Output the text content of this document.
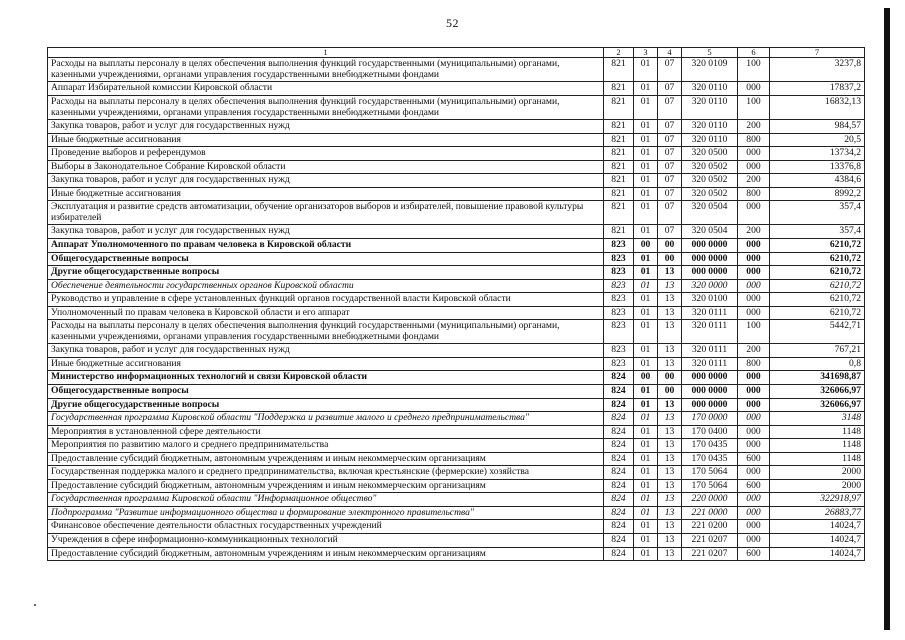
52
1	2	3	4	5	6	7
Расходы на выплаты персоналу в целях обеспечения выполнения функций государственными (муниципальными) органами, казенными учреждениями, органами управления государственными внебюджетными фондами	821	01	07	320 0109	100	3237,8
Аппарат Избирательной комиссии Кировской области	821	01	07	320 0110	000	17837,2
Расходы на выплаты персоналу в целях обеспечения выполнения функций государственными (муниципальными) органами, казенными учреждениями, органами управления государственными внебюджетными фондами	821	01	07	320 0110	100	16832,13
Закупка товаров, работ и услуг для государственных нужд	821	01	07	320 0110	200	984,57
Иные бюджетные ассигнования	821	01	07	320 0110	800	20,5
Проведение выборов и референдумов	821	01	07	320 0500	000	13734,2
Выборы в Законодательное Собрание Кировской области	821	01	07	320 0502	000	13376,8
Закупка товаров, работ и услуг для государственных нужд	821	01	07	320 0502	200	4384,6
Иные бюджетные ассигнования	821	01	07	320 0502	800	8992,2
Эксплуатация и развитие средств автоматизации, обучение организаторов выборов и избирателей, повышение правовой культуры избирателей	821	01	07	320 0504	000	357,4
Закупка товаров, работ и услуг для государственных нужд	821	01	07	320 0504	200	357,4
Аппарат Уполномоченного по правам человека в Кировской области	823	00	00	000 0000	000	6210,72
Общегосударственные вопросы	823	01	00	000 0000	000	6210,72
Другие общегосударственные вопросы	823	01	13	000 0000	000	6210,72
Обеспечение деятельности государственных органов Кировской области	823	01	13	320 0000	000	6210,72
Руководство и управление в сфере установленных функций органов государственной власти Кировской области	823	01	13	320 0100	000	6210,72
Уполномоченный по правам человека в Кировской области и его аппарат	823	01	13	320 0111	000	6210,72
Расходы на выплаты персоналу в целях обеспечения выполнения функций государственными (муниципальными) органами, казенными учреждениями, органами управления государственными внебюджетными фондами	823	01	13	320 0111	100	5442,71
Закупка товаров, работ и услуг для государственных нужд	823	01	13	320 0111	200	767,21
Иные бюджетные ассигнования	823	01	13	320 0111	800	0,8
Министерство информационных технологий и связи Кировской области	824	00	00	000 0000	000	341698,87
Общегосударственные вопросы	824	01	00	000 0000	000	326066,97
Другие общегосударственные вопросы	824	01	13	000 0000	000	326066,97
Государственная программа Кировской области "Поддержка и развитие малого и среднего предпринимательства"	824	01	13	170 0000	000	3148
Мероприятия в установленной сфере деятельности	824	01	13	170 0400	000	1148
Мероприятия по развитию малого и среднего предпринимательства	824	01	13	170 0435	000	1148
Предоставление субсидий бюджетным, автономным учреждениям и иным некоммерческим организациям	824	01	13	170 0435	600	1148
Государственная поддержка малого и среднего предпринимательства, включая крестьянские (фермерские) хозяйства	824	01	13	170 5064	000	2000
Предоставление субсидий бюджетным, автономным учреждениям и иным некоммерческим организациям	824	01	13	170 5064	600	2000
Государственная программа Кировской области "Информационное общество"	824	01	13	220 0000	000	322918,97
Подпрограмма "Развитие информационного общества и формирование электронного правительства"	824	01	13	221 0000	000	26883,77
Финансовое обеспечение деятельности областных государственных учреждений	824	01	13	221 0200	000	14024,7
Учреждения в сфере информационно-коммуникационных технологий	824	01	13	221 0207	000	14024,7
Предоставление субсидий бюджетным, автономным учреждениям и иным некоммерческим организациям	824	01	13	221 0207	600	14024,7
